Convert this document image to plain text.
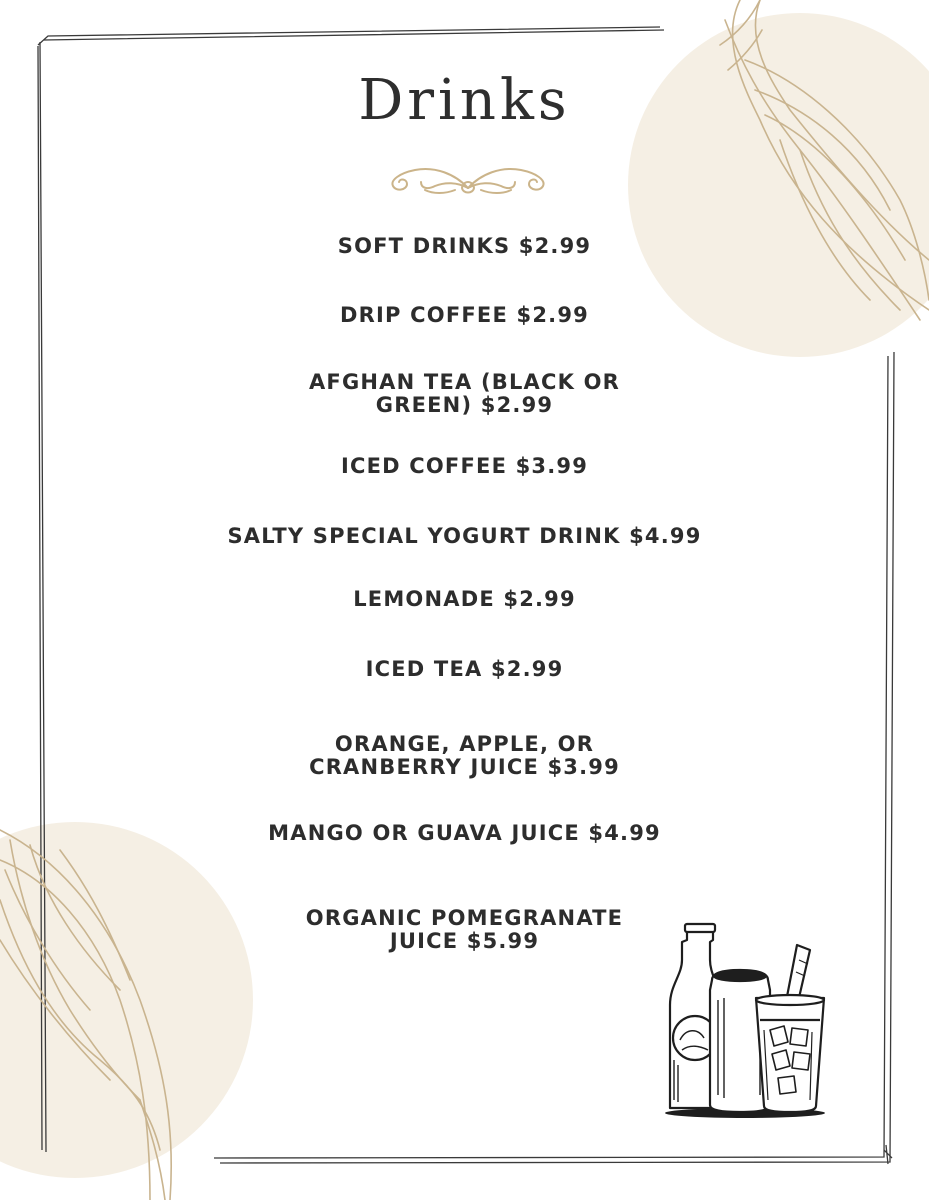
Drinks

SOFT DRINKS $2.99

DRIP COFFEE $2.99

AFGHAN TEA (BLACK OR
GREEN) $2.99

ICED COFFEE $3.99

SALTY SPECIAL YOGURT DRINK $4.99

LEMONADE $2.99

ICED TEA $2.99

ORANGE, APPLE, OR
CRANBERRY JUICE $3.99

MANGO OR GUAVA JUICE $4.99

ORGANIC POMEGRANATE
JUICE $5.99
